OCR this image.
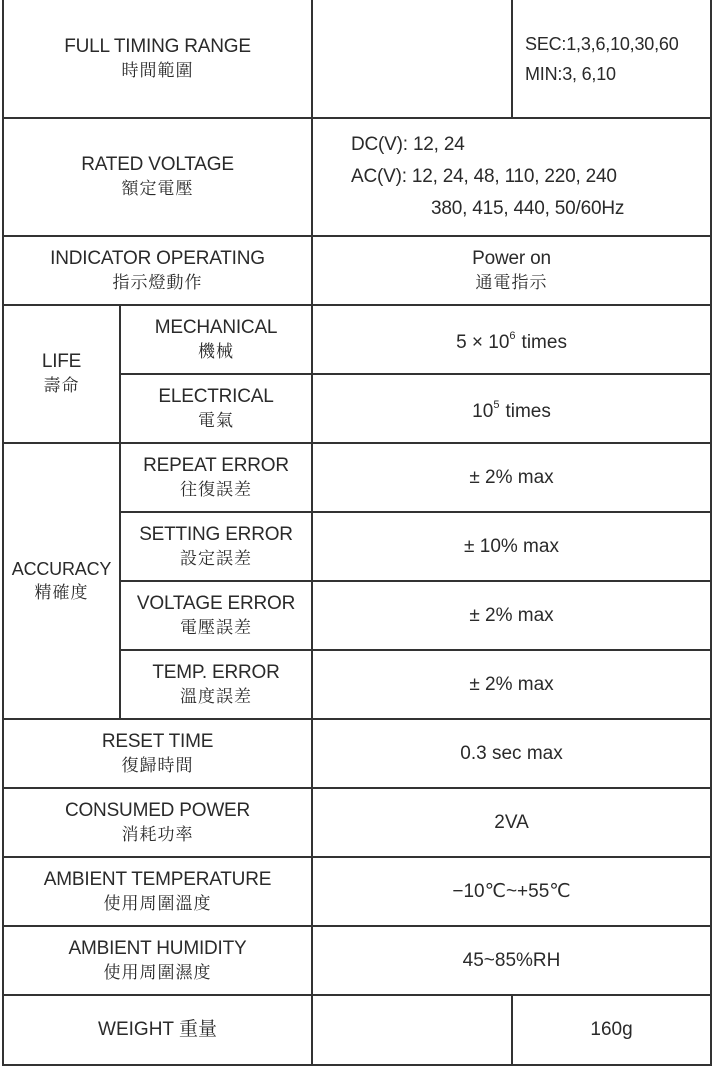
FULL TIMING RANGE
時間範圍			SEC:1,3,6,10,30,60
MIN:3, 6,10

RATED VOLTAGE
額定電壓		DC(V): 12, 24
AC(V): 12, 24, 48, 110, 220, 240
380, 415, 440, 50/60Hz	

INDICATOR OPERATING
指示燈動作		Power on
通電指示	

LIFE
壽命	MECHANICAL
機械	$5 \times 10^6$ times	

	ELECTRICAL
電氣	$10^5$ times	

ACCURACY
精確度	REPEAT ERROR
往復誤差	± 2% max	

	SETTING ERROR
設定誤差	± 10% max	

	VOLTAGE ERROR
電壓誤差	± 2% max	

	TEMP. ERROR
溫度誤差	± 2% max	

RESET TIME
復歸時間		0.3 sec max	

CONSUMED POWER
消耗功率		2VA	

AMBIENT TEMPERATURE
使用周圍溫度		−10℃~+55℃	

AMBIENT HUMIDITY
使用周圍濕度		45~85%RH	
WEIGHT 重量			160g
